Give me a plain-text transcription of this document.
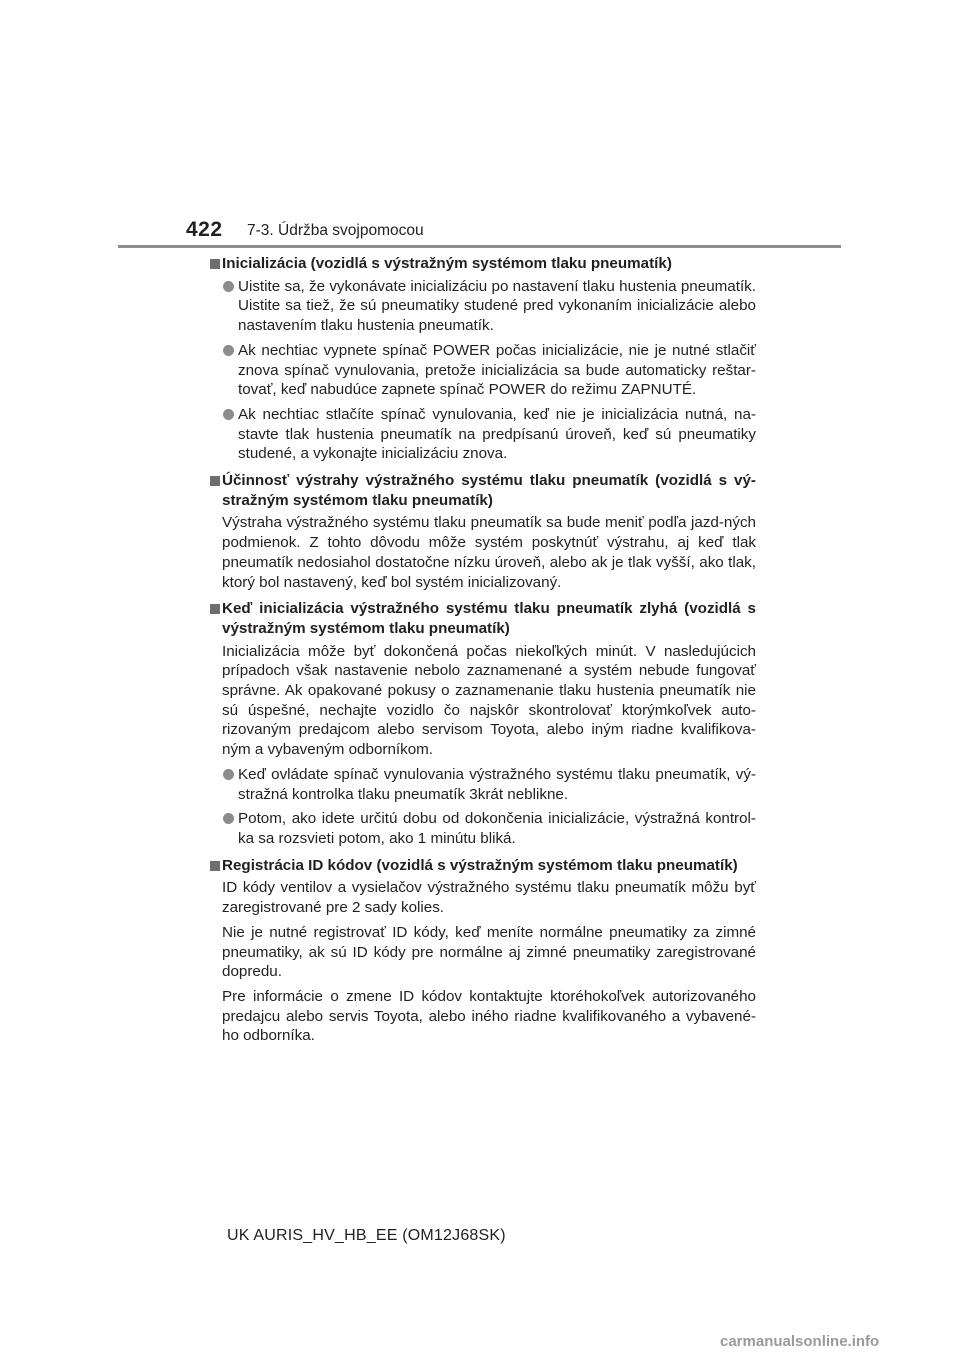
422 7-3. Údržba svojpomocou
Inicializácia (vozidlá s výstražným systémom tlaku pneumatík)
Uistite sa, že vykonávate inicializáciu po nastavení tlaku hustenia pneumatík. Uistite sa tiež, že sú pneumatiky studené pred vykonaním inicializácie alebo nastavením tlaku hustenia pneumatík.
Ak nechtiac vypnete spínač POWER počas inicializácie, nie je nutné stlačiť znova spínač vynulovania, pretože inicializácia sa bude automaticky reštar-tovať, keď nabudúce zapnete spínač POWER do režimu ZAPNUTÉ.
Ak nechtiac stlačíte spínač vynulovania, keď nie je inicializácia nutná, na-stavte tlak hustenia pneumatík na predpísanú úroveň, keď sú pneumatiky studené, a vykonajte inicializáciu znova.
Účinnosť výstrahy výstražného systému tlaku pneumatík (vozidlá s vý-stražným systémom tlaku pneumatík)
Výstraha výstražného systému tlaku pneumatík sa bude meniť podľa jazd-ných podmienok. Z tohto dôvodu môže systém poskytnúť výstrahu, aj keď tlak pneumatík nedosiahol dostatočne nízku úroveň, alebo ak je tlak vyšší, ako tlak, ktorý bol nastavený, keď bol systém inicializovaný.
Keď inicializácia výstražného systému tlaku pneumatík zlyhá (vozidlá s výstražným systémom tlaku pneumatík)
Inicializácia môže byť dokončená počas niekoľkých minút. V nasledujúcich prípadoch však nastavenie nebolo zaznamenané a systém nebude fungovať správne. Ak opakované pokusy o zaznamenanie tlaku hustenia pneumatík nie sú úspešné, nechajte vozidlo čo najskôr skontrolovať ktorýmkoľvek auto-rizovaným predajcom alebo servisom Toyota, alebo iným riadne kvalifikova-ným a vybaveným odborníkom.
Keď ovládate spínač vynulovania výstražného systému tlaku pneumatík, vý-stražná kontrolka tlaku pneumatík 3krát neblikne.
Potom, ako idete určitú dobu od dokončenia inicializácie, výstražná kontrol-ka sa rozsvieti potom, ako 1 minútu bliká.
Registrácia ID kódov (vozidlá s výstražným systémom tlaku pneumatík)
ID kódy ventilov a vysielačov výstražného systému tlaku pneumatík môžu byť zaregistrované pre 2 sady kolies.
Nie je nutné registrovať ID kódy, keď meníte normálne pneumatiky za zimné pneumatiky, ak sú ID kódy pre normálne aj zimné pneumatiky zaregistrované dopredu.
Pre informácie o zmene ID kódov kontaktujte ktoréhokoľvek autorizovaného predajcu alebo servis Toyota, alebo iného riadne kvalifikovaného a vybavené-ho odborníka.
UK AURIS_HV_HB_EE (OM12J68SK)
carmanualsonline.info
